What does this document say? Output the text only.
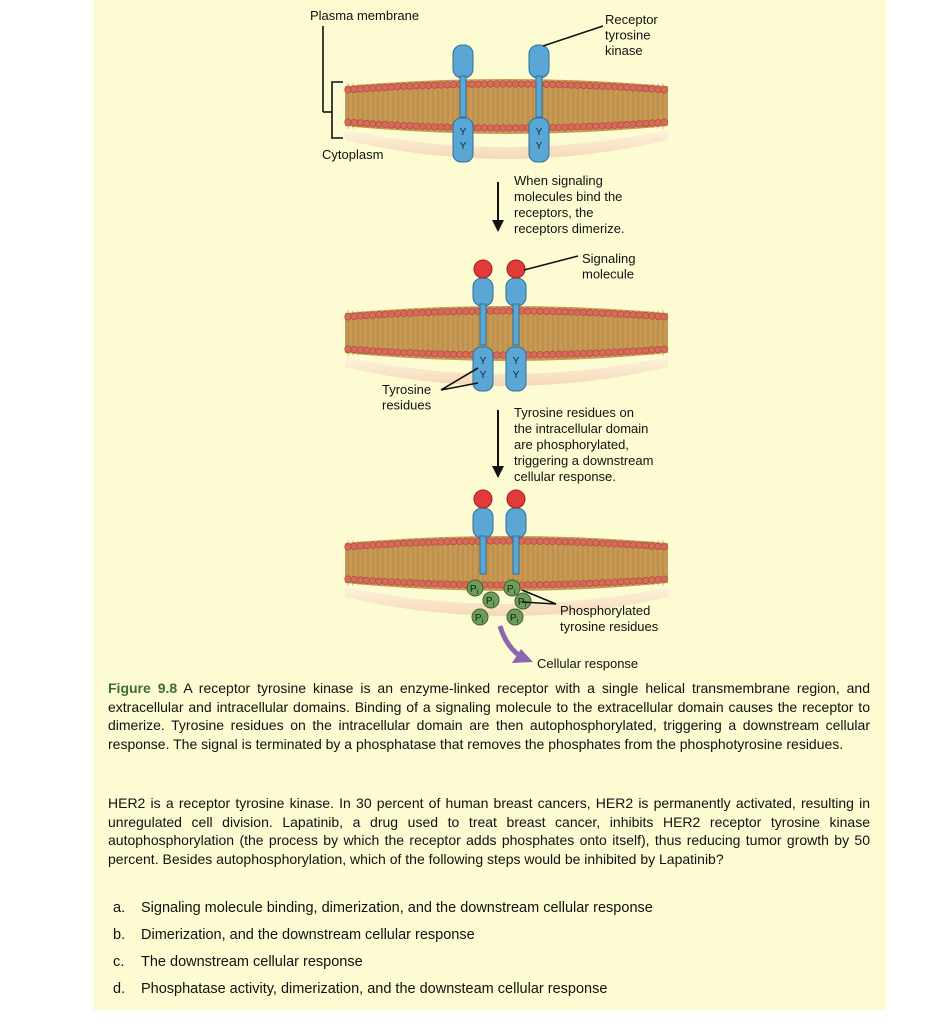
Y
Y
Y
Y
Y
Y
Y
Y
$P_i$
$P_i$
$P_i$
$P_i$
$P_i$
$P_i$
Plasma membrane
Cytoplasm
Receptor tyrosine kinase
When signaling molecules bind the receptors, the receptors dimerize.
Signaling molecule
Tyrosine residues	Tyrosine residues on the intracellular domain are phosphorylated, triggering a downstream cellular response.
Phosphorylated tyrosine residues
Cellular response
Figure 9.8 A receptor tyrosine kinase is an enzyme-linked receptor with a single helical transmembrane region, and extracellular and intracellular domains. Binding of a signaling molecule to the extracellular domain causes the receptor to dimerize. Tyrosine residues on the intracellular domain are then autophosphorylated, triggering a downstream cellular response. The signal is terminated by a phosphatase that removes the phosphates from the phosphotyrosine residues.
HER2 is a receptor tyrosine kinase. In 30 percent of human breast cancers, HER2 is permanently activated, resulting in unregulated cell division. Lapatinib, a drug used to treat breast cancer, inhibits HER2 receptor tyrosine kinase autophosphorylation (the process by which the receptor adds phosphates onto itself), thus reducing tumor growth by 50 percent. Besides autophosphorylation, which of the following steps would be inhibited by Lapatinib?
a. Signaling molecule binding, dimerization, and the downstream cellular response
b. Dimerization, and the downstream cellular response
c. The downstream cellular response
d. Phosphatase activity, dimerization, and the downsteam cellular response
